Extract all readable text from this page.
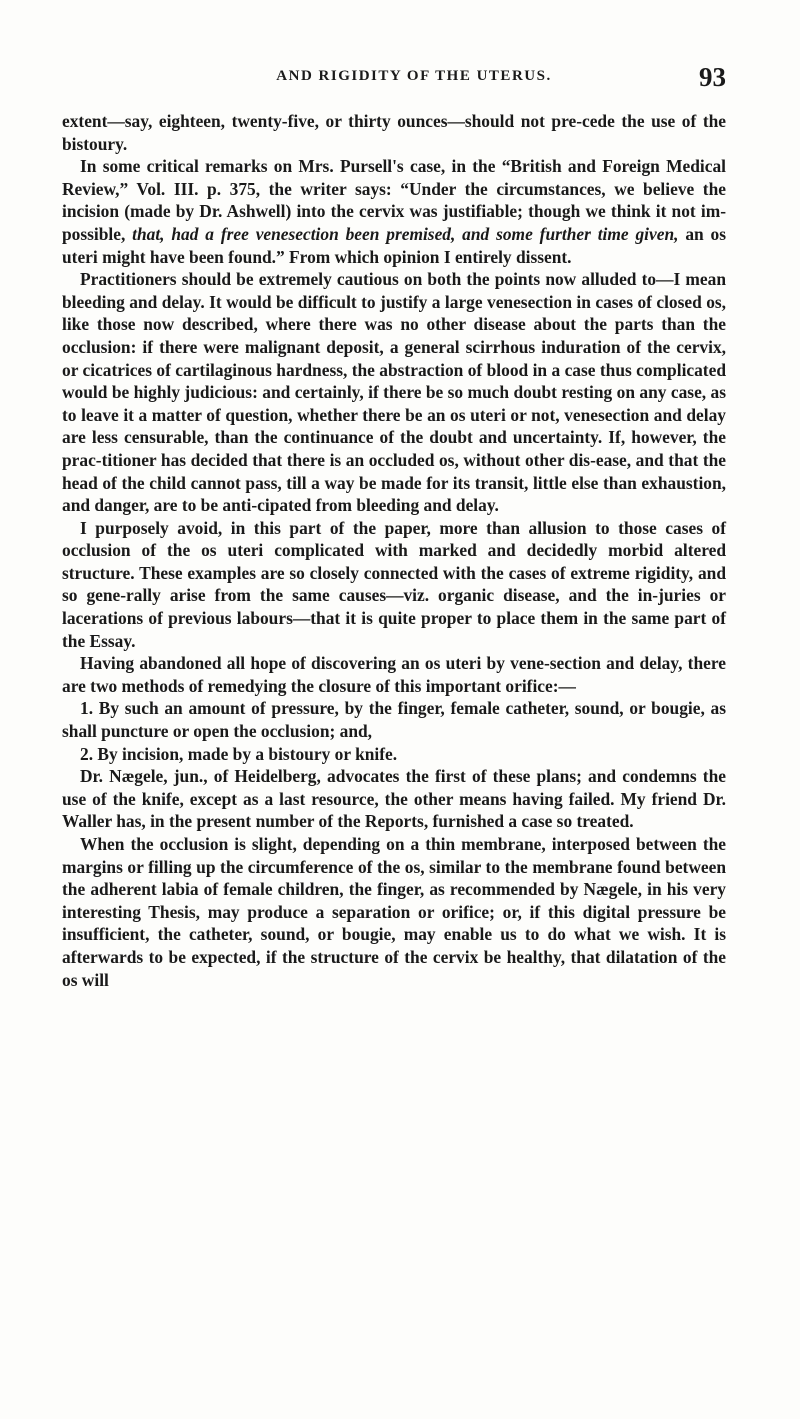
AND RIGIDITY OF THE UTERUS.	93

extent—say, eighteen, twenty-five, or thirty ounces—should not pre-cede the use of the bistoury.

In some critical remarks on Mrs. Pursell's case, in the “British and Foreign Medical Review,” Vol. III. p. 375, the writer says: “Under the circumstances, we believe the incision (made by Dr. Ashwell) into the cervix was justifiable; though we think it not im-possible, that, had a free venesection been premised, and some further time given, an os uteri might have been found.” From which opinion I entirely dissent.

Practitioners should be extremely cautious on both the points now alluded to—I mean bleeding and delay. It would be difficult to justify a large venesection in cases of closed os, like those now described, where there was no other disease about the parts than the occlusion: if there were malignant deposit, a general scirrhous induration of the cervix, or cicatrices of cartilaginous hardness, the abstraction of blood in a case thus complicated would be highly judicious: and certainly, if there be so much doubt resting on any case, as to leave it a matter of question, whether there be an os uteri or not, venesection and delay are less censurable, than the continuance of the doubt and uncertainty. If, however, the prac-titioner has decided that there is an occluded os, without other dis-ease, and that the head of the child cannot pass, till a way be made for its transit, little else than exhaustion, and danger, are to be anti-cipated from bleeding and delay.

I purposely avoid, in this part of the paper, more than allusion to those cases of occlusion of the os uteri complicated with marked and decidedly morbid altered structure. These examples are so closely connected with the cases of extreme rigidity, and so gene-rally arise from the same causes—viz. organic disease, and the in-juries or lacerations of previous labours—that it is quite proper to place them in the same part of the Essay.

Having abandoned all hope of discovering an os uteri by vene-section and delay, there are two methods of remedying the closure of this important orifice:—

1. By such an amount of pressure, by the finger, female catheter, sound, or bougie, as shall puncture or open the occlusion; and,

2. By incision, made by a bistoury or knife.

Dr. Nægele, jun., of Heidelberg, advocates the first of these plans; and condemns the use of the knife, except as a last resource, the other means having failed. My friend Dr. Waller has, in the present number of the Reports, furnished a case so treated.

When the occlusion is slight, depending on a thin membrane, interposed between the margins or filling up the circumference of the os, similar to the membrane found between the adherent labia of female children, the finger, as recommended by Nægele, in his very interesting Thesis, may produce a separation or orifice; or, if this digital pressure be insufficient, the catheter, sound, or bougie, may enable us to do what we wish. It is afterwards to be expected, if the structure of the cervix be healthy, that dilatation of the os will
